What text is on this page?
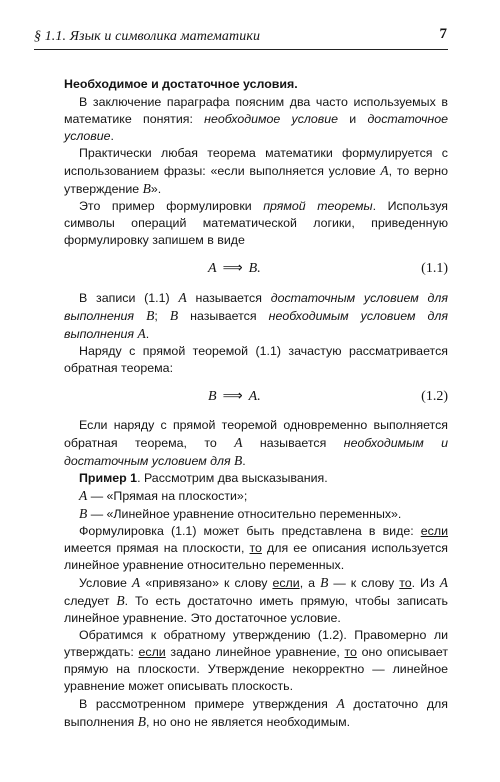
§ 1.1. Язык и символика математики	7

Необходимое и достаточное условия.

В заключение параграфа поясним два часто используемых в математике понятия: необходимое условие и достаточное условие.

Практически любая теорема математики формулируется с использованием фразы: «если выполняется условие A, то верно утверждение B».

Это пример формулировки прямой теоремы. Используя символы операций математической логики, приведенную формулировку запишем в виде

A ⟹ B.	(1.1)

В записи (1.1) A называется достаточным условием для выполнения B; B называется необходимым условием для выполнения A.

Наряду с прямой теоремой (1.1) зачастую рассматривается обратная теорема:

B ⟹ A.	(1.2)

Если наряду с прямой теоремой одновременно выполняется обратная теорема, то A называется необходимым и достаточным условием для B.

Пример 1. Рассмотрим два высказывания.

A — «Прямая на плоскости»;

B — «Линейное уравнение относительно переменных».

Формулировка (1.1) может быть представлена в виде: если имеется прямая на плоскости, то для ее описания используется линейное уравнение относительно переменных.

Условие A «привязано» к слову если, а B — к слову то. Из A следует B. То есть достаточно иметь прямую, чтобы записать линейное уравнение. Это достаточное условие.

Обратимся к обратному утверждению (1.2). Правомерно ли утверждать: если задано линейное уравнение, то оно описывает прямую на плоскости. Утверждение некорректно — линейное уравнение может описывать плоскость.

В рассмотренном примере утверждения A достаточно для выполнения B, но оно не является необходимым.
